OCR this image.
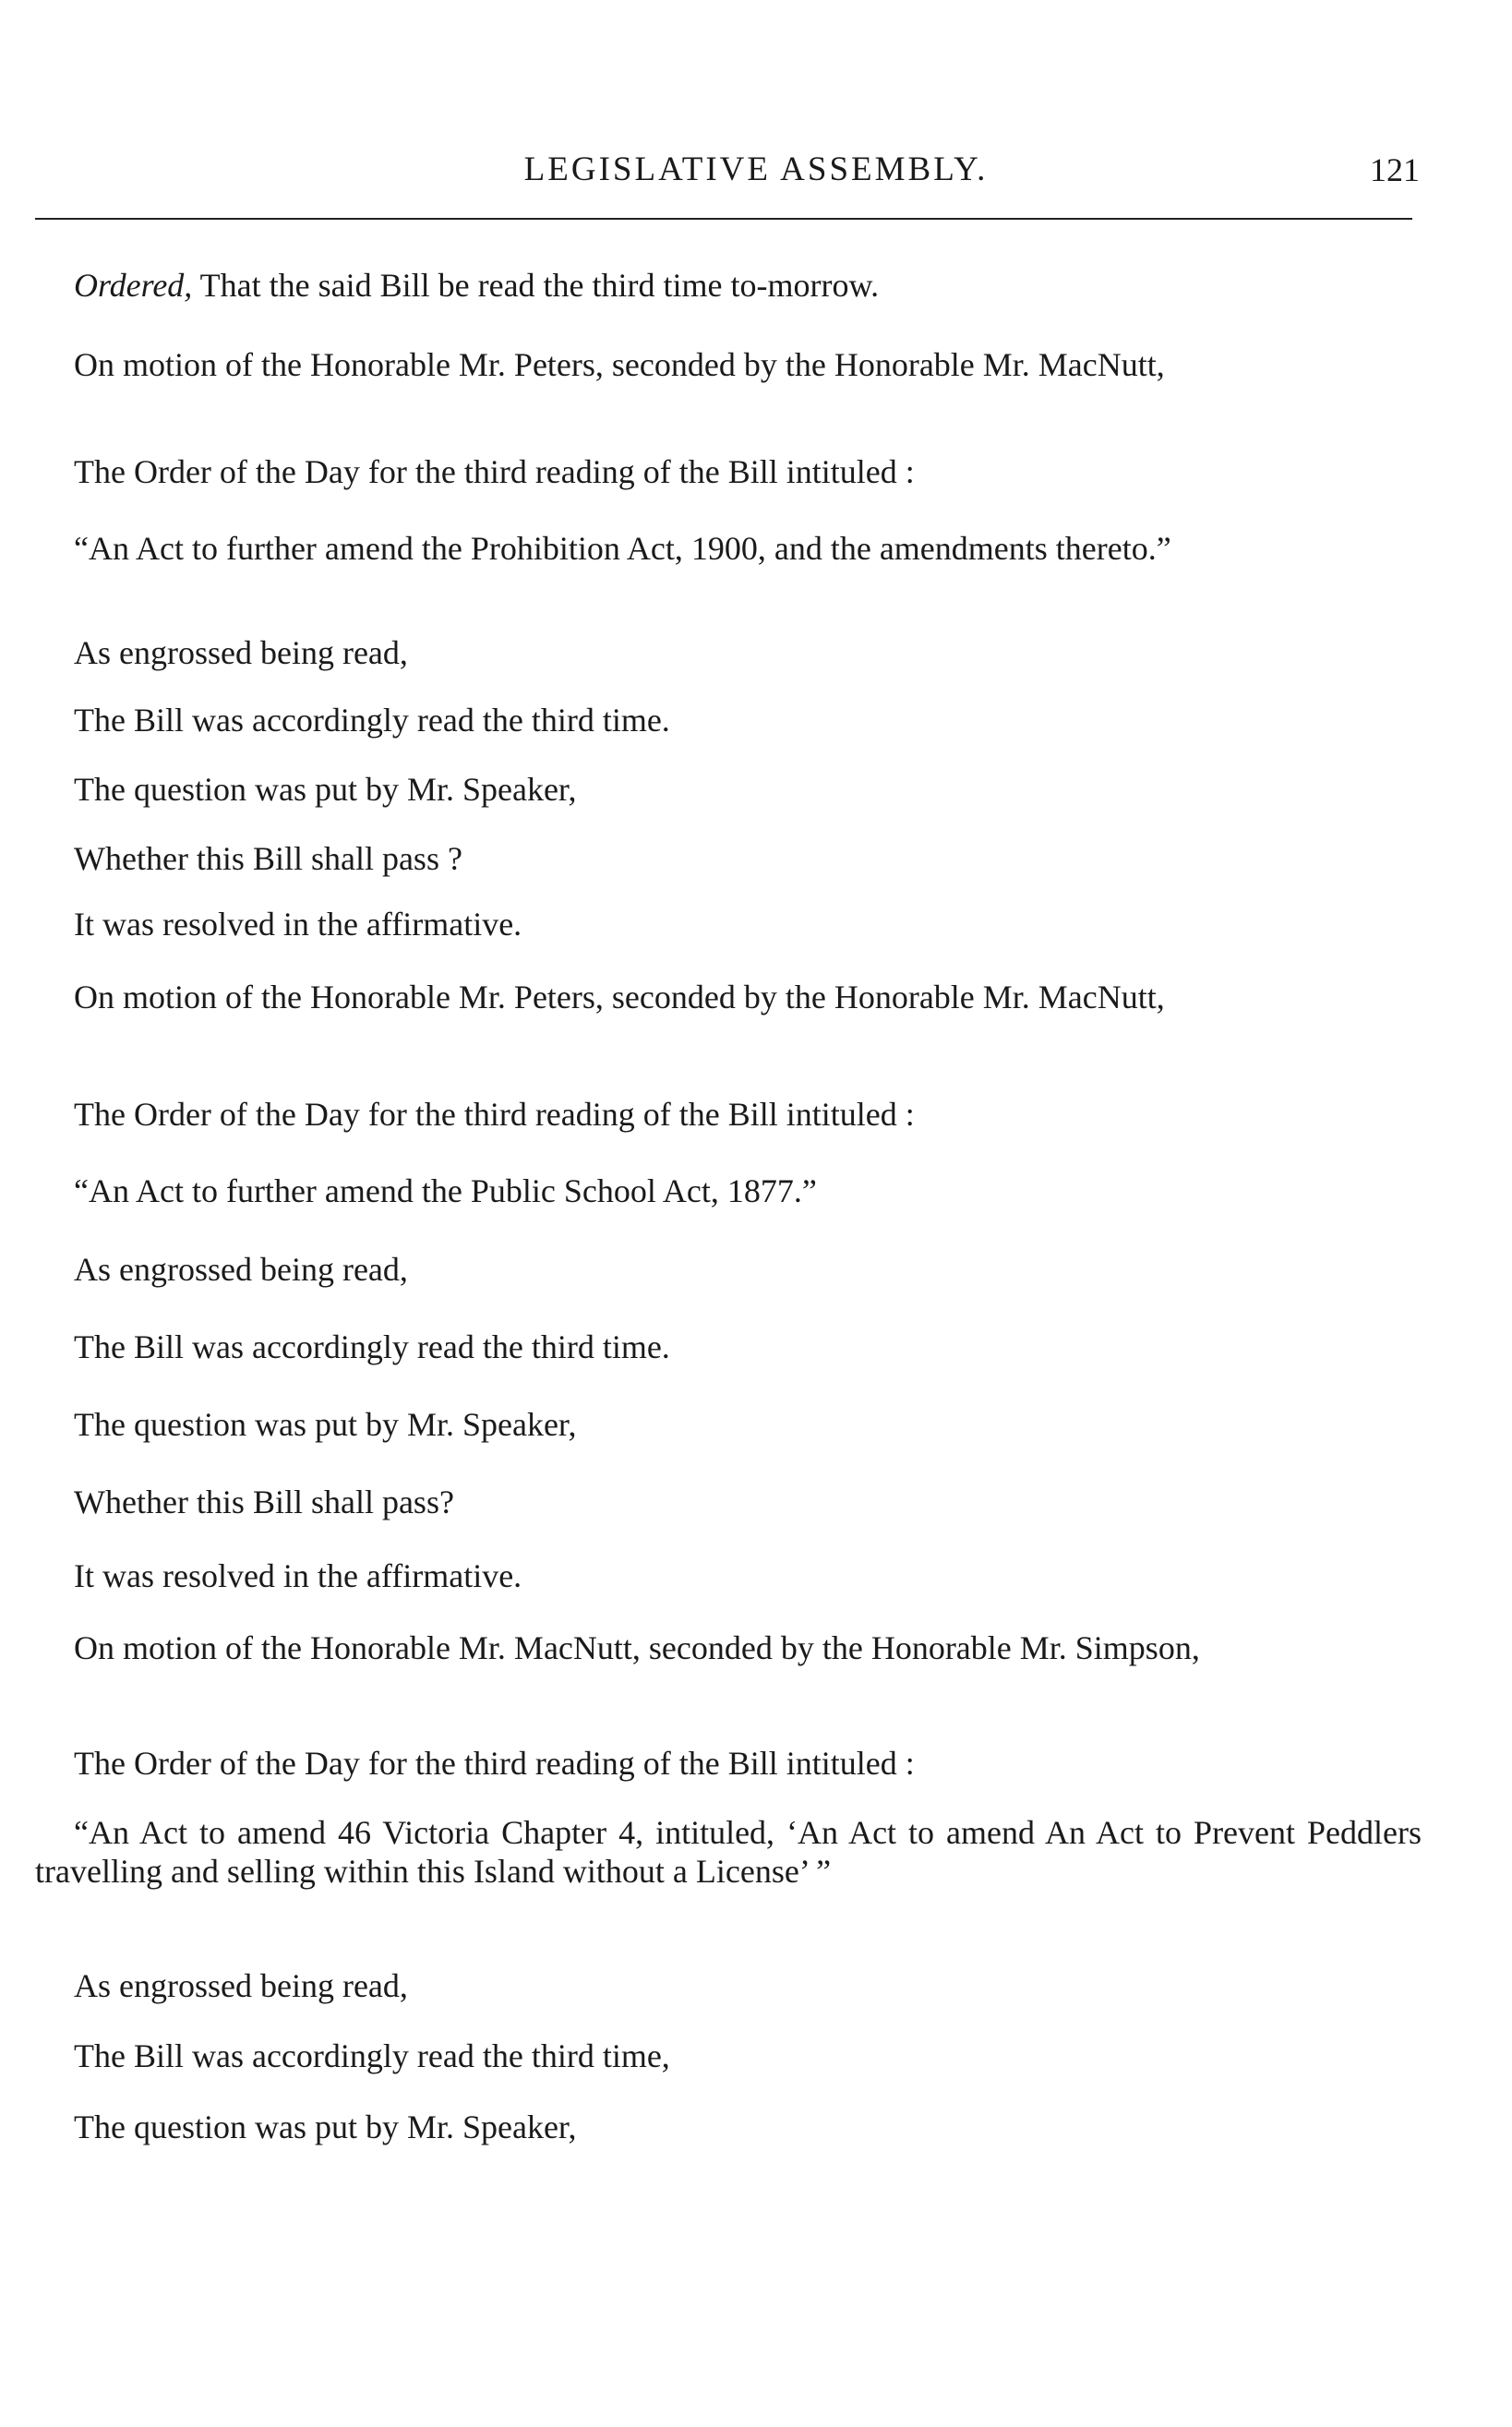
LEGISLATIVE ASSEMBLY.	121

Ordered, That the said Bill be read the third time to-morrow.

On motion of the Honorable Mr. Peters, seconded by the Honorable Mr. MacNutt,

The Order of the Day for the third reading of the Bill intituled :

“An Act to further amend the Prohibition Act, 1900, and the amendments thereto.”

As engrossed being read,

The Bill was accordingly read the third time.

The question was put by Mr. Speaker,

Whether this Bill shall pass ?

It was resolved in the affirmative.

On motion of the Honorable Mr. Peters, seconded by the Honorable Mr. MacNutt,

The Order of the Day for the third reading of the Bill intituled :

“An Act to further amend the Public School Act, 1877.”

As engrossed being read,

The Bill was accordingly read the third time.

The question was put by Mr. Speaker,

Whether this Bill shall pass?

It was resolved in the affirmative.

On motion of the Honorable Mr. MacNutt, seconded by the Honorable Mr. Simpson,

The Order of the Day for the third reading of the Bill intituled :

“An Act to amend 46 Victoria Chapter 4, intituled, ‘An Act to amend An Act to Prevent Peddlers travelling and selling within this Island without a License’ ”

As engrossed being read,

The Bill was accordingly read the third time,

The question was put by Mr. Speaker,
